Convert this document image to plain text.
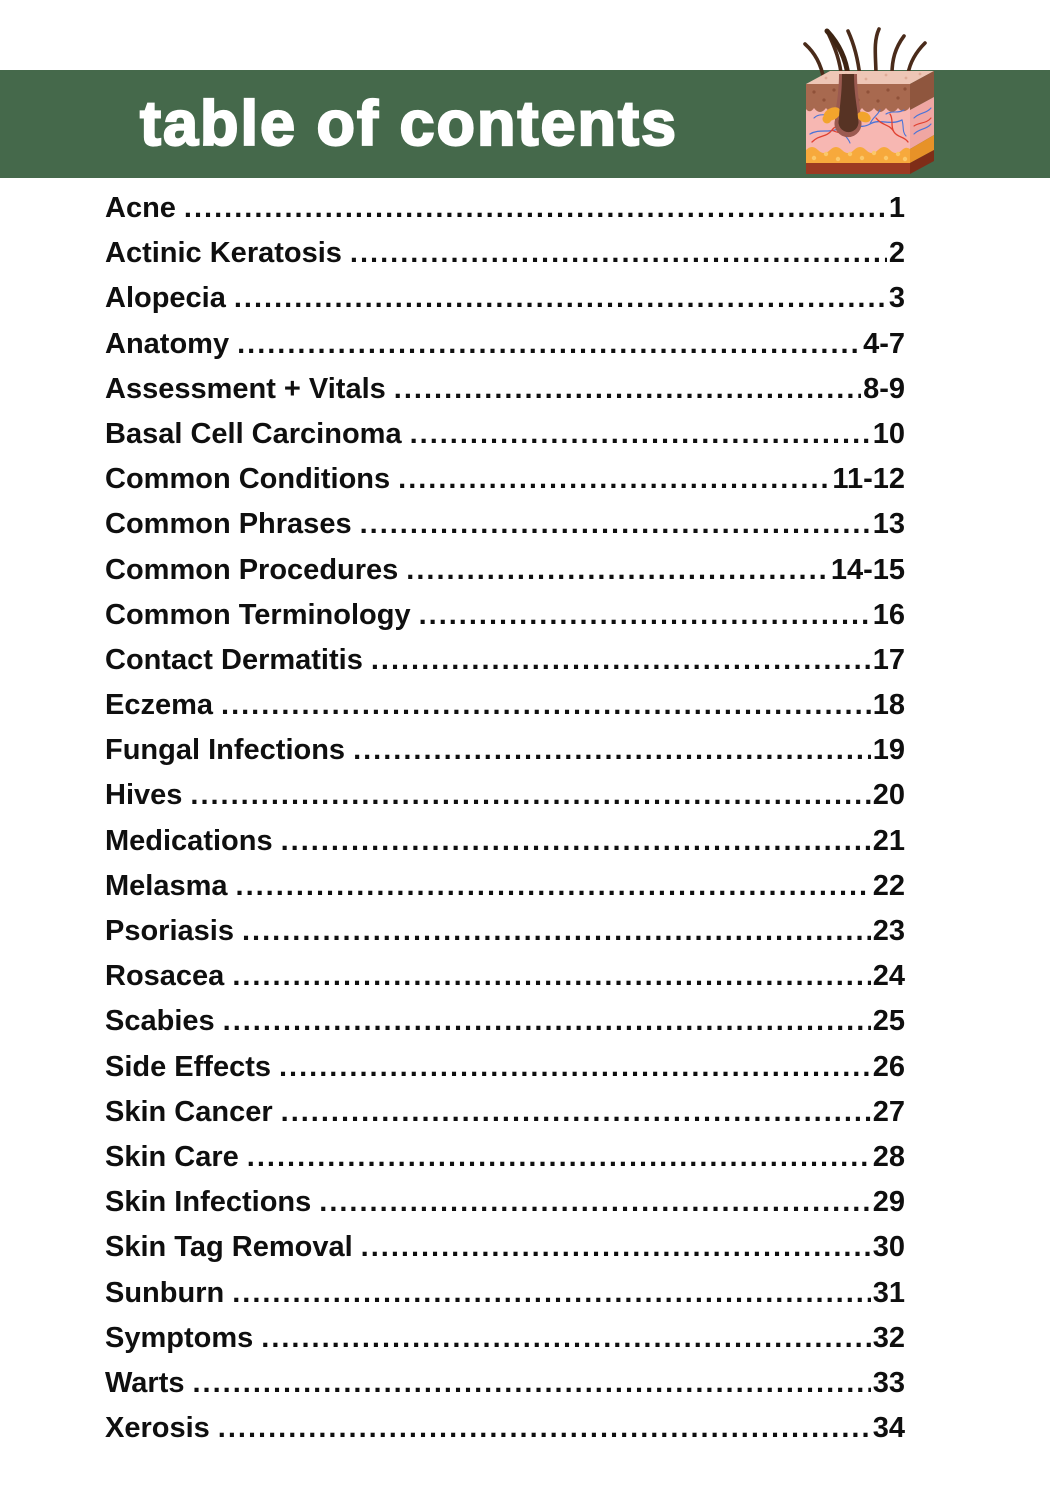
table of contents
Acne .....	1
Actinic Keratosis .....	2
Alopecia .....	3
Anatomy .....	4-7
Assessment + Vitals .....	8-9
Basal Cell Carcinoma .....	10
Common Conditions .....	11-12
Common Phrases .....	13
Common Procedures .....	14-15
Common Terminology .....	16
Contact Dermatitis .....	17
Eczema .....	18
Fungal Infections .....	19
Hives .....	20
Medications .....	21
Melasma .....	22
Psoriasis .....	23
Rosacea .....	24
Scabies .....	25
Side Effects .....	26
Skin Cancer .....	27
Skin Care .....	28
Skin Infections .....	29
Skin Tag Removal .....	30
Sunburn .....	31
Symptoms .....	32
Warts .....	33
Xerosis .....	34
